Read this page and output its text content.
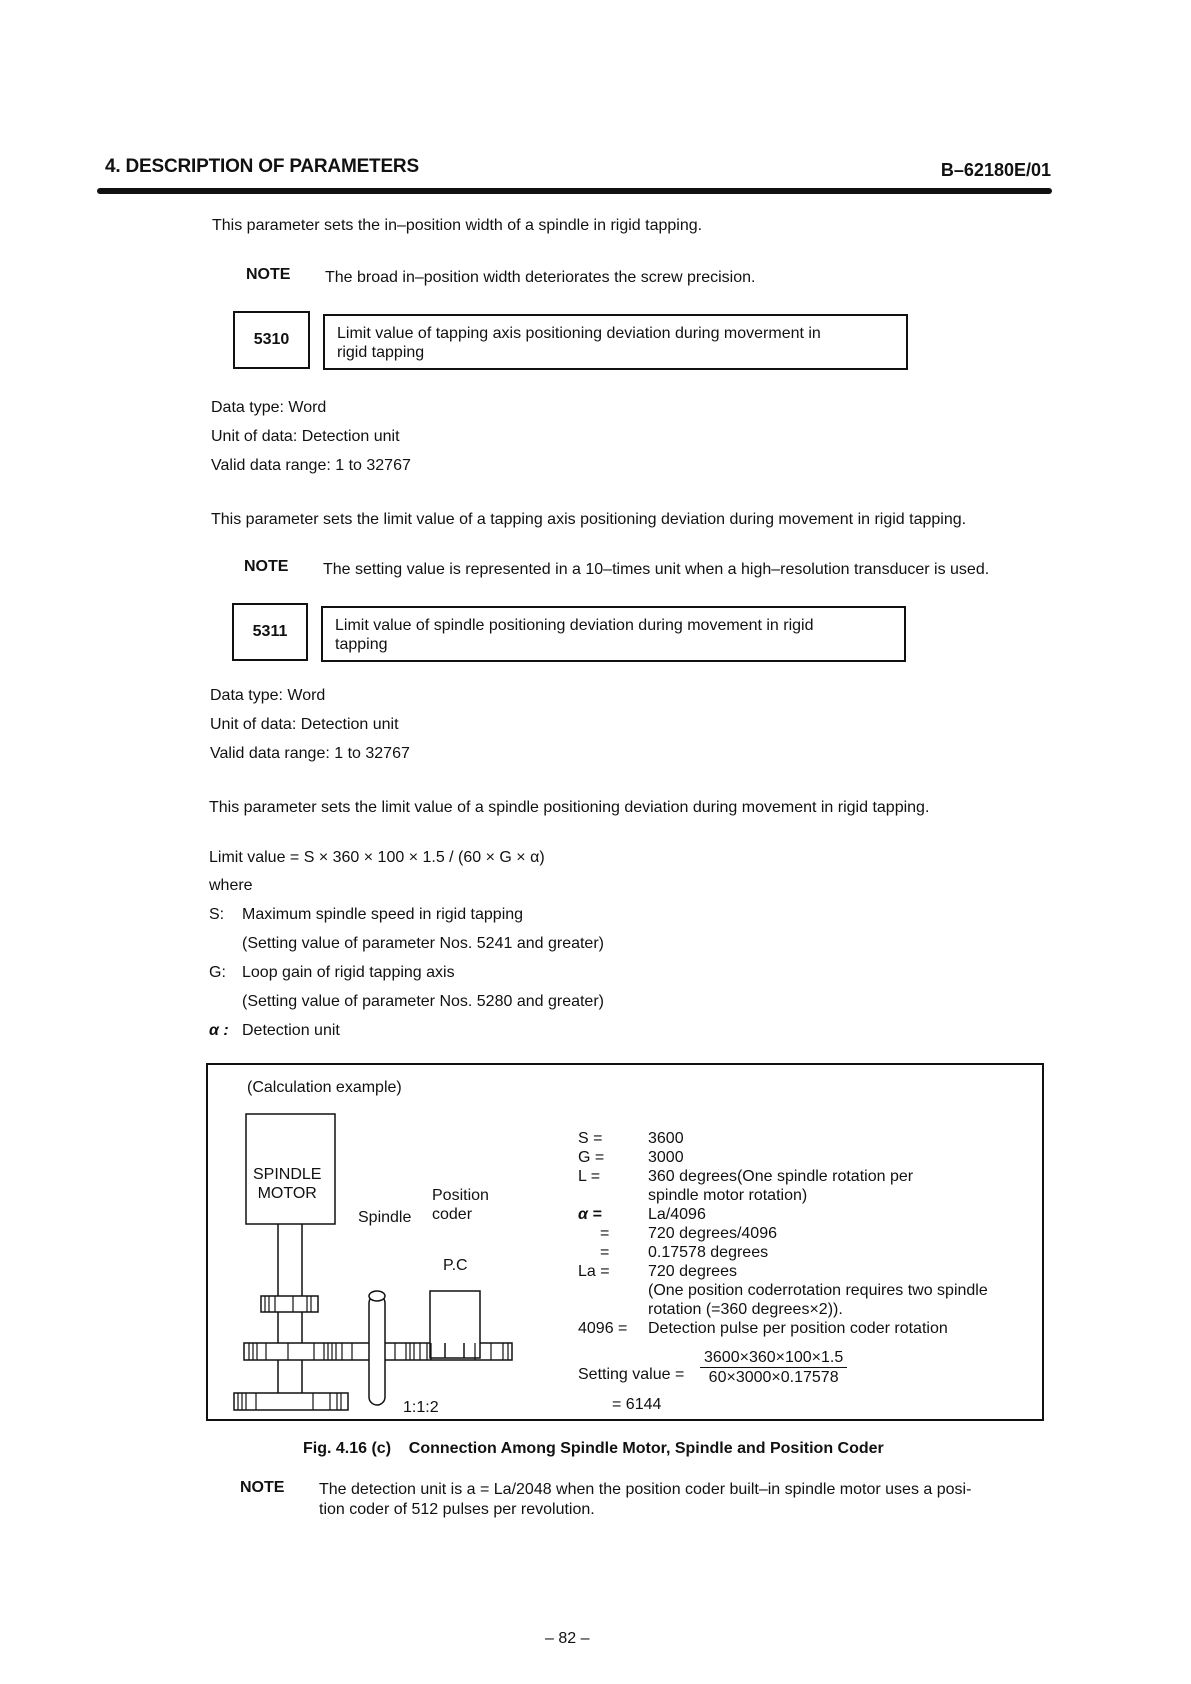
4. DESCRIPTION OF PARAMETERS	B–62180E/01
This parameter sets the in–position width of a spindle in rigid tapping.
NOTE The broad in–position width deteriorates the screw precision.
5310	Limit value of tapping axis positioning deviation during moverment in
rigid tapping
Data type: Word
Unit of data: Detection unit
Valid data range: 1 to 32767
This parameter sets the limit value of a tapping axis positioning deviation during movement in rigid tapping.
NOTE The setting value is represented in a 10–times unit when a high–resolution transducer is used.
5311	Limit value of spindle positioning deviation during movement in rigid
tapping
Data type: Word
Unit of data: Detection unit
Valid data range: 1 to 32767
This parameter sets the limit value of a spindle positioning deviation during movement in rigid tapping.
Limit value = S × 360 × 100 × 1.5 / (60 × G × α)
where
S: Maximum spindle speed in rigid tapping
(Setting value of parameter Nos. 5241 and greater)
G: Loop gain of rigid tapping axis
(Setting value of parameter Nos. 5280 and greater)
α : Detection unit
(Calculation example)
SPINDLE
MOTOR
Spindle
Position
coder
P.C
1:1:2
S =	3600
G =	3000
L =	360 degrees(One spindle rotation per
spindle motor rotation)
α =	La/4096
= 720 degrees/4096
= 0.17578 degrees
La = 720 degrees
(One position coderrotation requires two spindle
rotation (=360 degrees×2)).
4096 = Detection pulse per position coder rotation
Setting value = $\frac{3600\times 360\times 100\times 1.5}{60\times 3000\times 0.17578}$
= 6144
Fig. 4.16 (c)    Connection Among Spindle Motor, Spindle and Position Coder
NOTE The detection unit is a = La/2048 when the position coder built–in spindle motor uses a posi-
tion coder of 512 pulses per revolution.
– 82 –
